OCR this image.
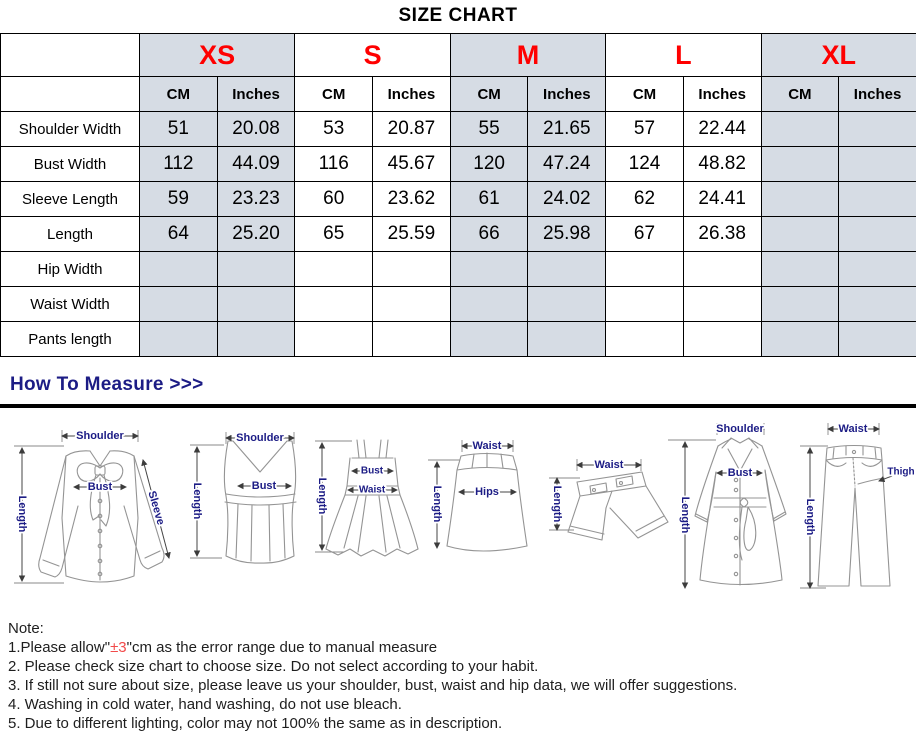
SIZE CHART
	XS		S		M		L		XL	
	CM	Inches	CM	Inches	CM	Inches	CM	Inches	CM	Inches
Shoulder Width	51	20.08	53	20.87	55	21.65	57	22.44		
Bust Width	112	44.09	116	45.67	120	47.24	124	48.82		
Sleeve Length	59	23.23	60	23.62	61	24.02	62	24.41		
Length	64	25.20	65	25.59	66	25.98	67	26.38		
Hip Width										
Waist Width										
Pants length										
How To Measure >>>
Shoulder
Length
Bust
Sleeve
Shoulder
Length	Bust
Bust
Waist
Length
Waist
Hips
Length
Waist
Length
Shoulder
Bust
Length
Waist
Length
Thigh
Note:
1.Please allow"±3"cm as the error range due to manual measure
2. Please check size chart to choose size. Do not select according to your habit.
3. If still not sure about size, please leave us your shoulder, bust, waist and hip data, we will offer suggestions.
4. Washing in cold water, hand washing, do not use bleach.
5. Due to different lighting, color may not 100% the same as in description.
